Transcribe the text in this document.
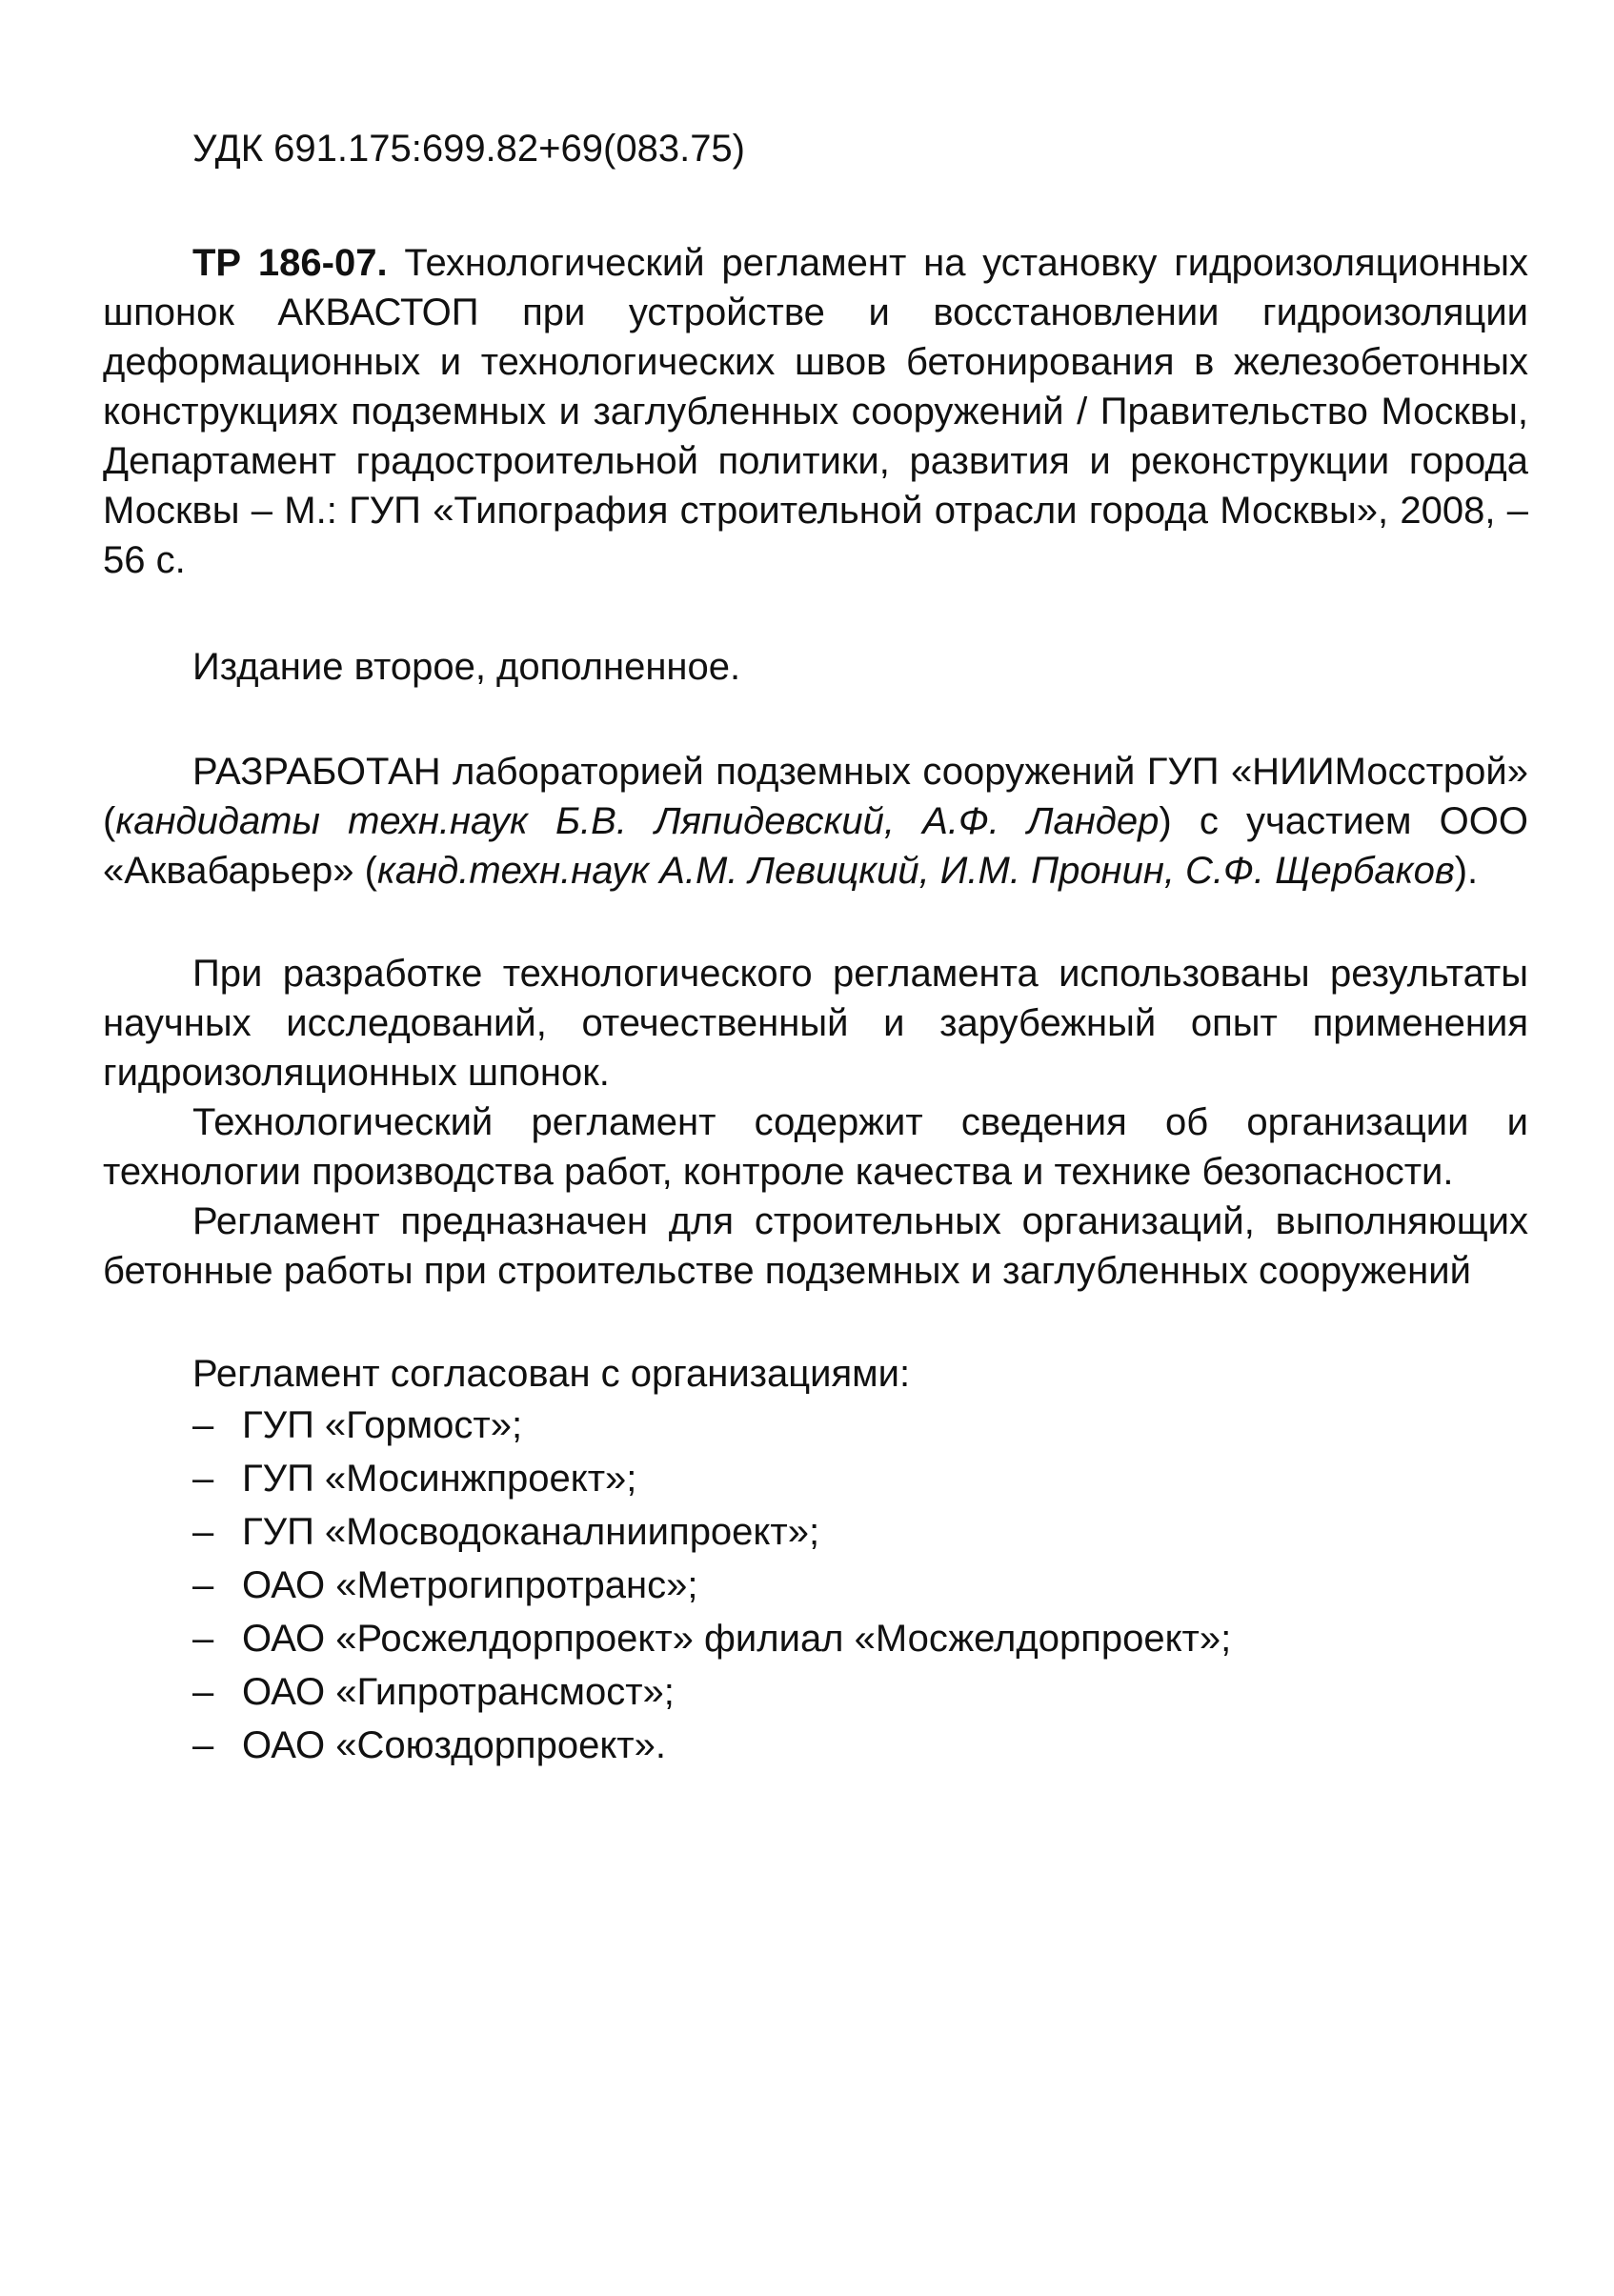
УДК 691.175:699.82+69(083.75)

ТР 186-07. Технологический регламент на установку гидроизоляционных шпонок АКВАСТОП при устройстве и восстановлении гидроизоляции деформационных и технологических швов бетонирования в железобетонных конструкциях подземных и заглубленных сооружений / Правительство Москвы, Департамент градостроительной политики, развития и реконструкции города Москвы – М.: ГУП «Типография строительной отрасли города Москвы», 2008, – 56 с.

Издание второе, дополненное.

РАЗРАБОТАН лабораторией подземных сооружений ГУП «НИИМосстрой» (кандидаты техн.наук Б.В. Ляпидевский, А.Ф. Ландер) с участием ООО «Аквабарьер» (канд.техн.наук А.М. Левицкий, И.М. Пронин, С.Ф. Щербаков).

При разработке технологического регламента использованы результаты научных исследований, отечественный и зарубежный опыт применения гидроизоляционных шпонок.

Технологический регламент содержит сведения об организации и технологии производства работ, контроле качества и технике безопасности.

Регламент предназначен для строительных организаций, выполняющих бетонные работы при строительстве подземных и заглубленных сооружений

Регламент согласован с организациями:

– ГУП «Гормост»;
– ГУП «Мосинжпроект»;
– ГУП «Мосводоканалниипроект»;
– ОАО «Метрогипротранс»;
– ОАО «Росжелдорпроект» филиал «Мосжелдорпроект»;
– ОАО «Гипротрансмост»;
– ОАО «Союздорпроект».
